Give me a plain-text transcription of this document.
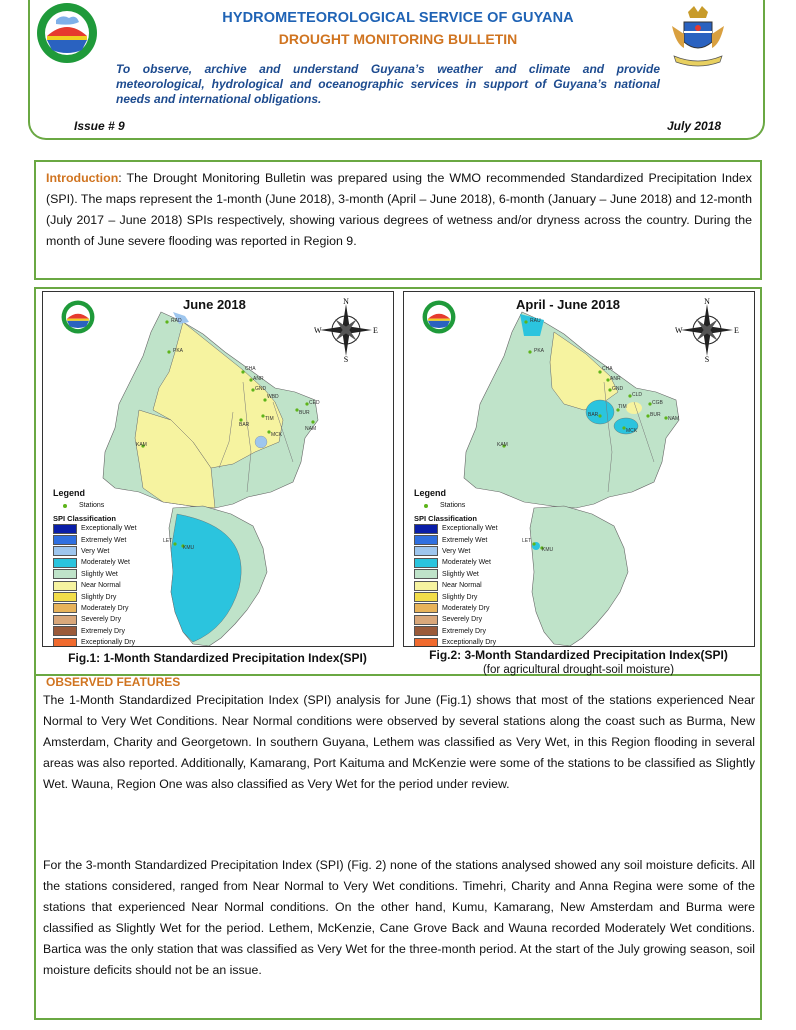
HYDROMETEOROLOGICAL SERVICE OF GUYANA
DROUGHT MONITORING BULLETIN
To observe, archive and understand Guyana’s weather and climate and provide meteorological, hydrological and oceanographic services in support of Guyana’s national needs and international obligations.
Issue # 9	July 2018
Introduction: The Drought Monitoring Bulletin was prepared using the WMO recommended Standardized Precipitation Index (SPI). The maps represent the 1-month (June 2018), 3-month (April – June 2018), 6-month (January – June 2018) and 12-month (July 2017 – June 2018) SPIs respectively, showing various degrees of wetness and/or dryness across the country. During the month of June severe flooding was reported in Region 9.
June 2018	N
S
W	E
RAD
PKA
CHA
ANR
GND
BUR
NAM
CED
WBD
TIM
BAR
MCK
KAM
LET
KMU
Legend
Stations
SPI Classification
Exceptionally Wet
Extremely Wet
Very Wet
Moderately Wet
Slightly Wet
Near Normal
Slightly Dry
Moderately Dry
Severely Dry
Extremely Dry
Exceptionally Dry
Fig.1: 1-Month Standardized Precipitation Index(SPI)
April - June 2018	N
S
W	E
RAU
PKA
CHA
ANR
GND
CLD
CGB
BUR
NAM
BAR
TIM
MCK
KAM
LET
KMU
Legend
Stations
SPI Classification
Exceptionally Wet
Extremely Wet
Very Wet
Moderately Wet
Slightly Wet
Near Normal
Slightly Dry
Moderately Dry
Severely Dry
Extremely Dry
Exceptionally Dry
Fig.2: 3-Month Standardized Precipitation Index(SPI)
(for agricultural drought-soil moisture)
OBSERVED FEATURES
The 1-Month Standardized Precipitation Index (SPI) analysis for June (Fig.1) shows that most of the stations experienced Near Normal to Very Wet Conditions. Near Normal conditions were observed by several stations along the coast such as Burma, New Amsterdam, Charity and Georgetown. In southern Guyana, Lethem was classified as Very Wet, in this Region flooding in several areas was also reported. Additionally, Kamarang, Port Kaituma and McKenzie were some of the stations to be classified as Slightly Wet. Wauna, Region One was also classified as Very Wet for the period under review.
For the 3-month Standardized Precipitation Index (SPI) (Fig. 2) none of the stations analysed showed any soil moisture deficits. All the stations considered, ranged from Near Normal to Very Wet conditions. Timehri, Charity and Anna Regina were some of the stations that experienced Near Normal conditions. On the other hand, Kumu, Kamarang, New Amsterdam and Burma were classified as Slightly Wet for the period. Lethem, McKenzie, Cane Grove Back and Wauna recorded Moderately Wet conditions. Bartica was the only station that was classified as Very Wet for the three-month period. At the start of the July growing season, soil moisture deficits should not be an issue.
